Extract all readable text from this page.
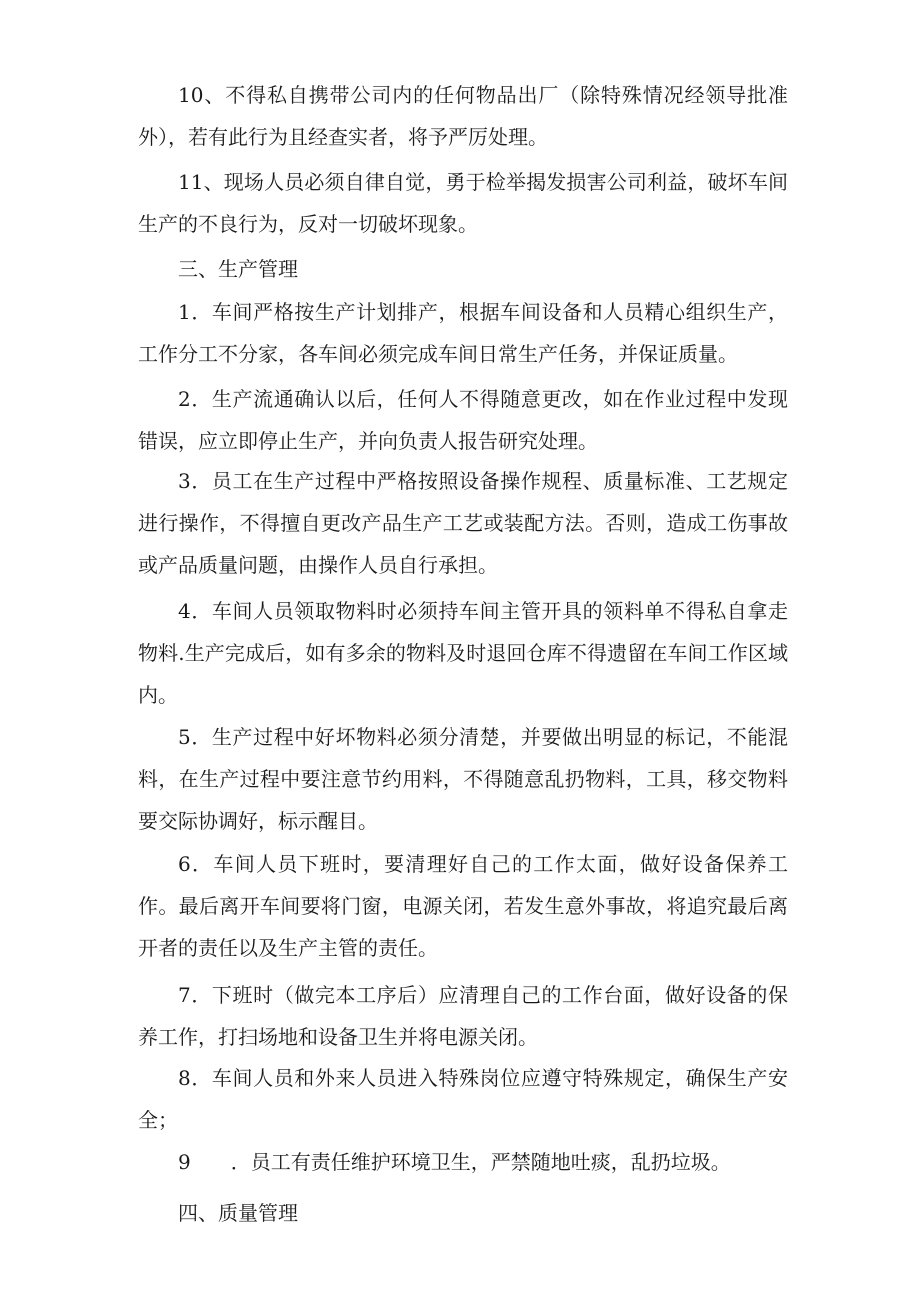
10、不得私自携带公司内的任何物品出厂（除特殊情况经领导批准外），若有此行为且经查实者，将予严厉处理。

11、现场人员必须自律自觉，勇于检举揭发损害公司利益，破坏车间生产的不良行为，反对一切破坏现象。

三、生产管理

1．车间严格按生产计划排产，根据车间设备和人员精心组织生产，工作分工不分家，各车间必须完成车间日常生产任务，并保证质量。

2．生产流通确认以后，任何人不得随意更改，如在作业过程中发现错误，应立即停止生产，并向负责人报告研究处理。

3．员工在生产过程中严格按照设备操作规程、质量标准、工艺规定进行操作，不得擅自更改产品生产工艺或装配方法。否则，造成工伤事故或产品质量问题，由操作人员自行承担。

4．车间人员领取物料时必须持车间主管开具的领料单不得私自拿走物料.生产完成后，如有多余的物料及时退回仓库不得遗留在车间工作区域内。

5．生产过程中好坏物料必须分清楚，并要做出明显的标记，不能混料，在生产过程中要注意节约用料，不得随意乱扔物料，工具，移交物料要交际协调好，标示醒目。

6．车间人员下班时，要清理好自己的工作太面，做好设备保养工作。最后离开车间要将门窗，电源关闭，若发生意外事故，将追究最后离开者的责任以及生产主管的责任。

7．下班时（做完本工序后）应清理自己的工作台面，做好设备的保养工作，打扫场地和设备卫生并将电源关闭。

8．车间人员和外来人员进入特殊岗位应遵守特殊规定，确保生产安全；

9　　．员工有责任维护环境卫生，严禁随地吐痰，乱扔垃圾。

四、质量管理
